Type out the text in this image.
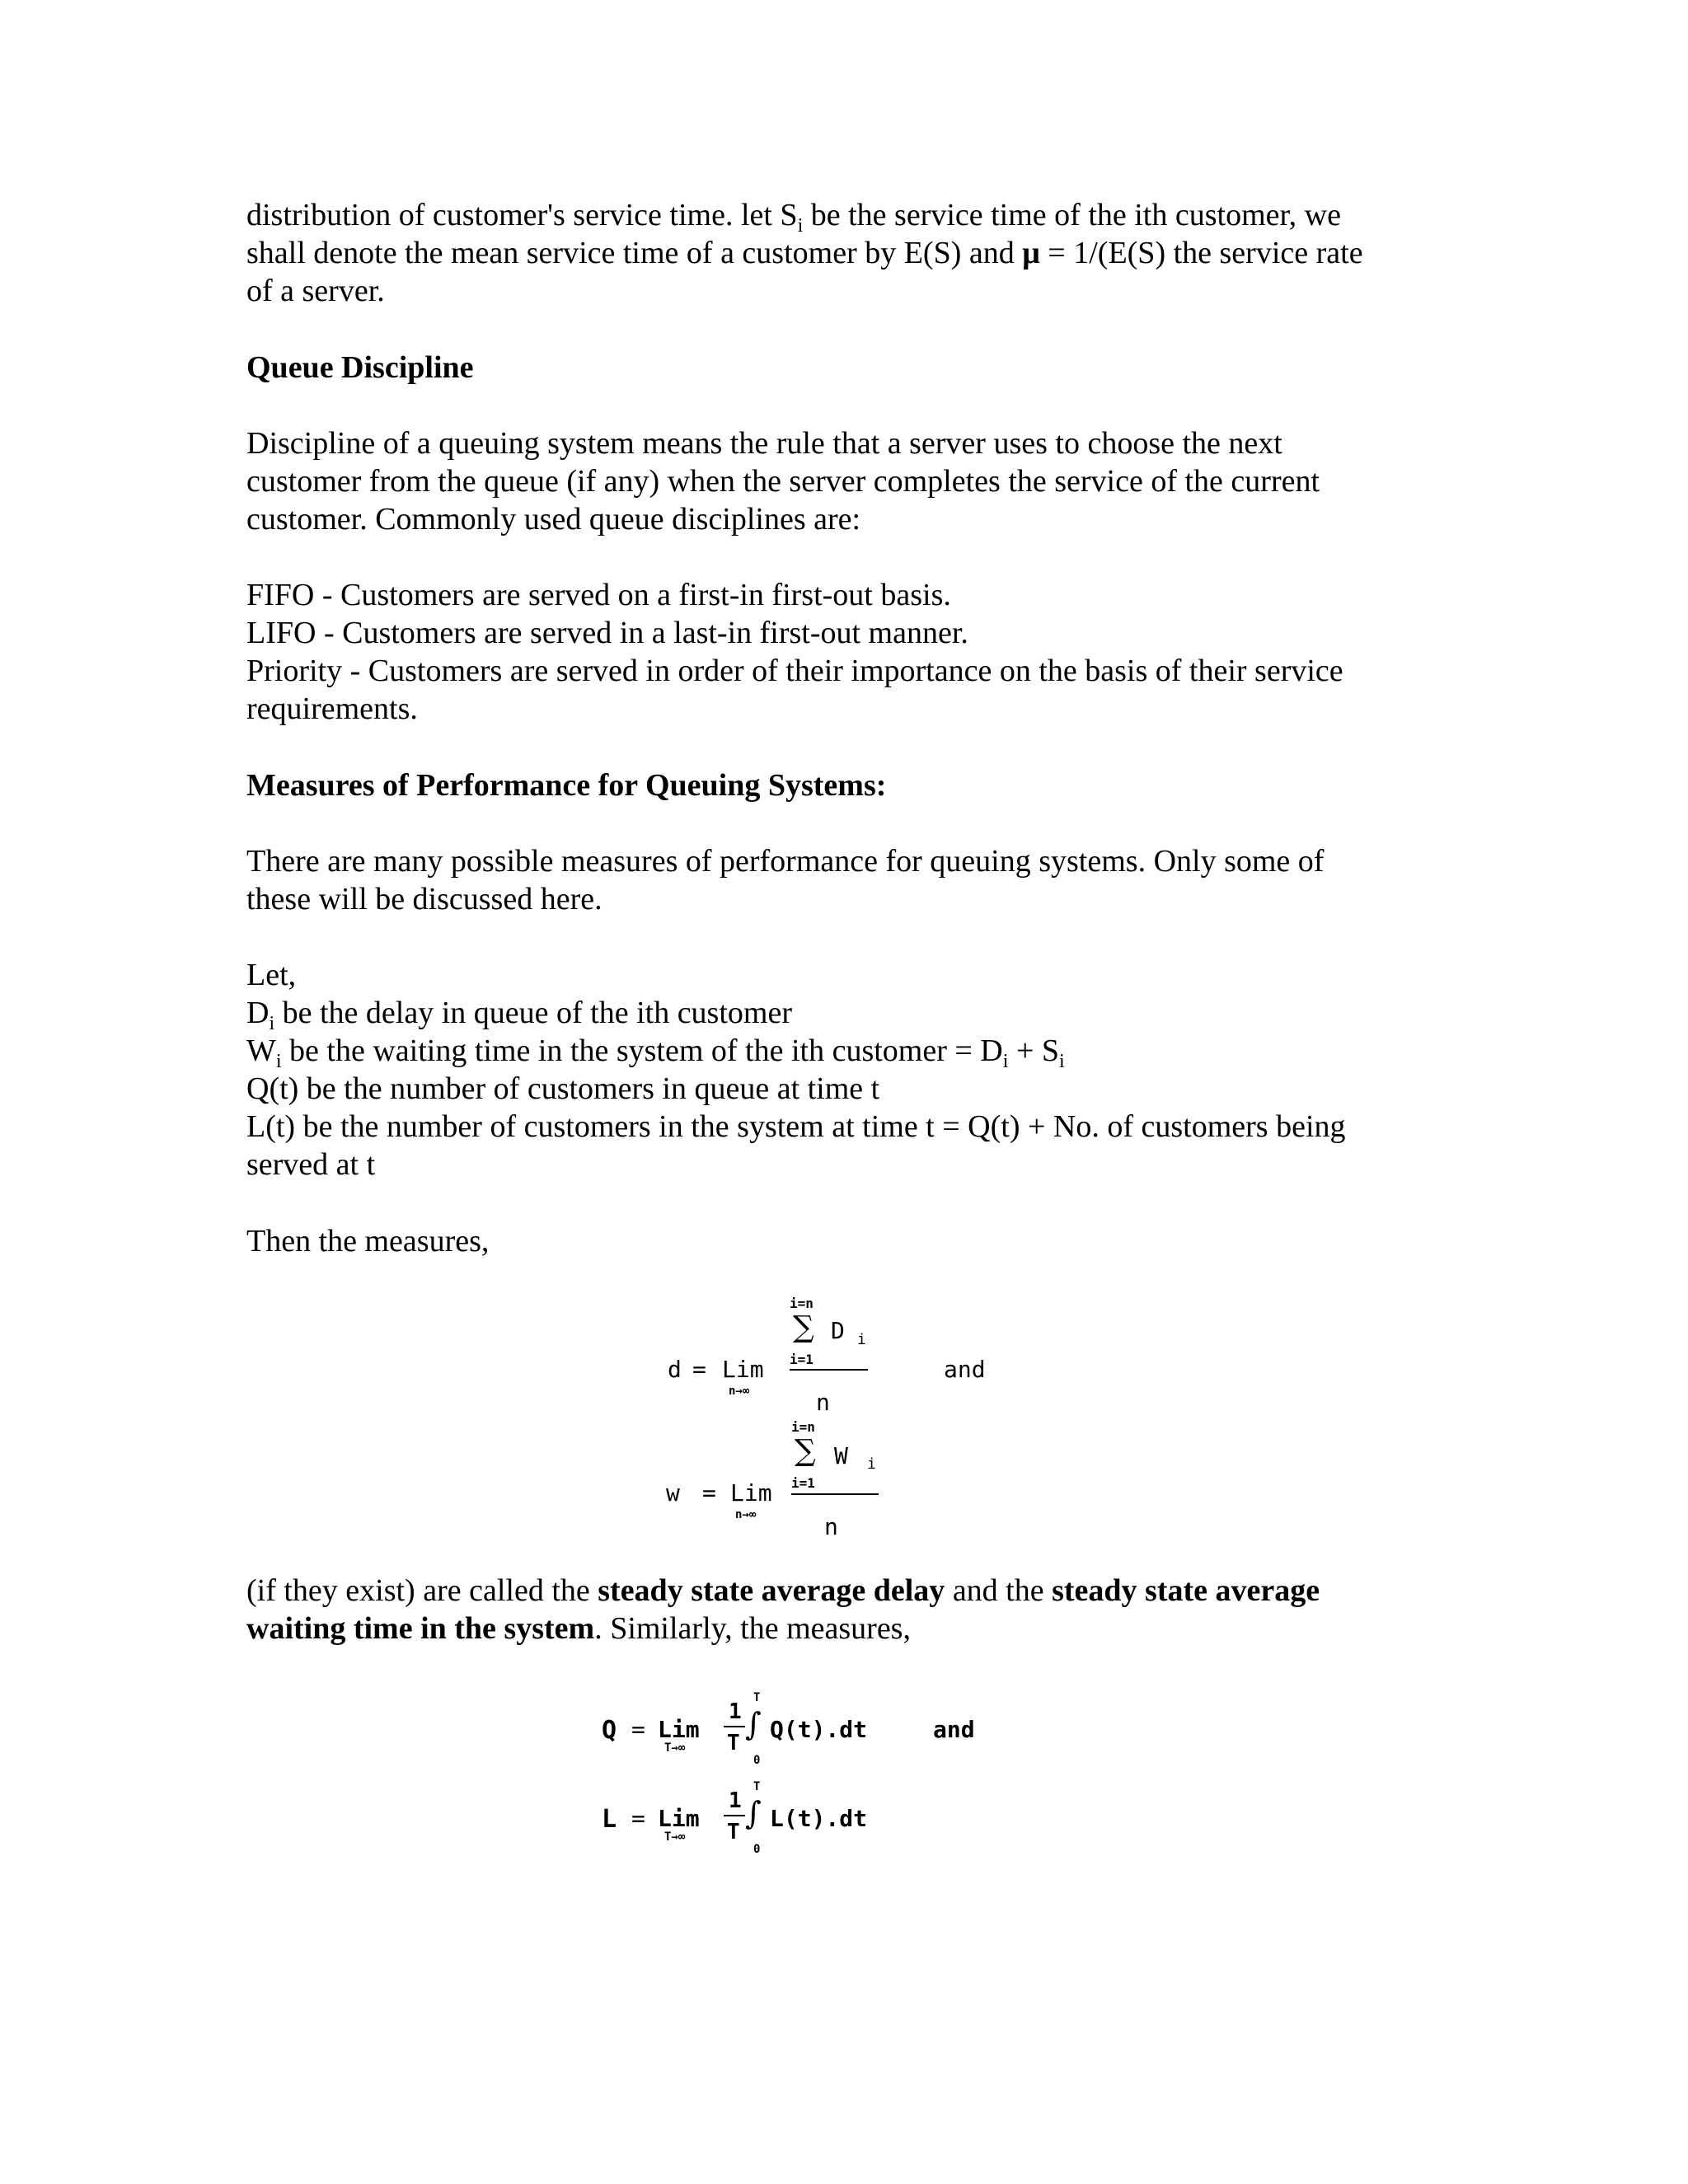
distribution of customer's service time. let $S_i$ be the service time of the ith customer, we
shall denote the mean service time of a customer by E(S) and μ = 1/(E(S) the service rate
of a server.

Queue Discipline

Discipline of a queuing system means the rule that a server uses to choose the next
customer from the queue (if any) when the server completes the service of the current
customer. Commonly used queue disciplines are:

FIFO - Customers are served on a first-in first-out basis.
LIFO - Customers are served in a last-in first-out manner.
Priority - Customers are served in order of their importance on the basis of their service
requirements.

Measures of Performance for Queuing Systems:

There are many possible measures of performance for queuing systems. Only some of
these will be discussed here.

Let,
$D_i$ be the delay in queue of the ith customer
$W_i$ be the waiting time in the system of the ith customer = $D_i + S_i$
Q(t) be the number of customers in queue at time t
L(t) be the number of customers in the system at time t = Q(t) + No. of customers being
served at t

Then the measures,

i=n
∑ D i
i=1
d = Lim
n→∞	n
and
i=n
∑ W i
i=1
w = Lim
n→∞	n

(if they exist) are called the steady state average delay and the steady state average
waiting time in the system. Similarly, the measures,

Q = Lim
T→∞
1
T
T
∫
0
Q(t).dt	and
L = Lim
T→∞
1
T
T
∫
0
L(t).dt
